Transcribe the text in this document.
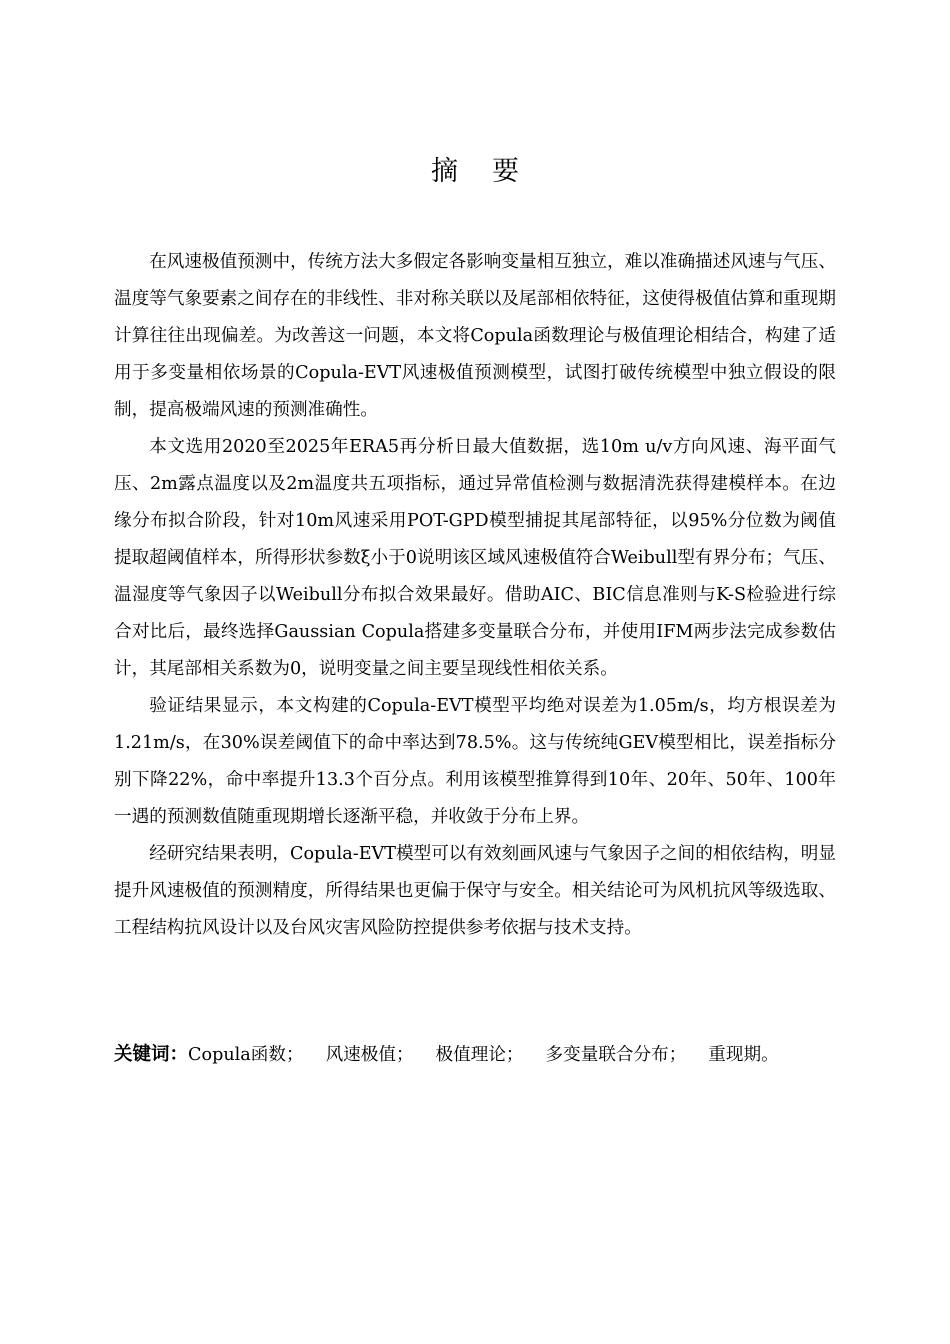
摘要

在风速极值预测中，传统方法大多假定各影响变量相互独立，难以准确描述风速与气压、温度等气象要素之间存在的非线性、非对称关联以及尾部相依特征，这使得极值估算和重现期计算往往出现偏差。为改善这一问题，本文将Copula函数理论与极值理论相结合，构建了适用于多变量相依场景的Copula-EVT风速极值预测模型，试图打破传统模型中独立假设的限制，提高极端风速的预测准确性。

本文选用2020至2025年ERA5再分析日最大值数据，选10m u/v方向风速、海平面气压、2m露点温度以及2m温度共五项指标，通过异常值检测与数据清洗获得建模样本。在边缘分布拟合阶段，针对10m风速采用POT-GPD模型捕捉其尾部特征，以95%分位数为阈值提取超阈值样本，所得形状参数ξ小于0说明该区域风速极值符合Weibull型有界分布；气压、温湿度等气象因子以Weibull分布拟合效果最好。借助AIC、BIC信息准则与K-S检验进行综合对比后，最终选择Gaussian Copula搭建多变量联合分布，并使用IFM两步法完成参数估计，其尾部相关系数为0，说明变量之间主要呈现线性相依关系。

验证结果显示，本文构建的Copula-EVT模型平均绝对误差为1.05m/s，均方根误差为1.21m/s，在30%误差阈值下的命中率达到78.5%。这与传统纯GEV模型相比，误差指标分别下降22%，命中率提升13.3个百分点。利用该模型推算得到10年、20年、50年、100年一遇的预测数值随重现期增长逐渐平稳，并收敛于分布上界。

经研究结果表明，Copula-EVT模型可以有效刻画风速与气象因子之间的相依结构，明显提升风速极值的预测精度，所得结果也更偏于保守与安全。相关结论可为风机抗风等级选取、工程结构抗风设计以及台风灾害风险防控提供参考依据与技术支持。

关键词：Copula函数； 风速极值； 极值理论； 多变量联合分布； 重现期。
